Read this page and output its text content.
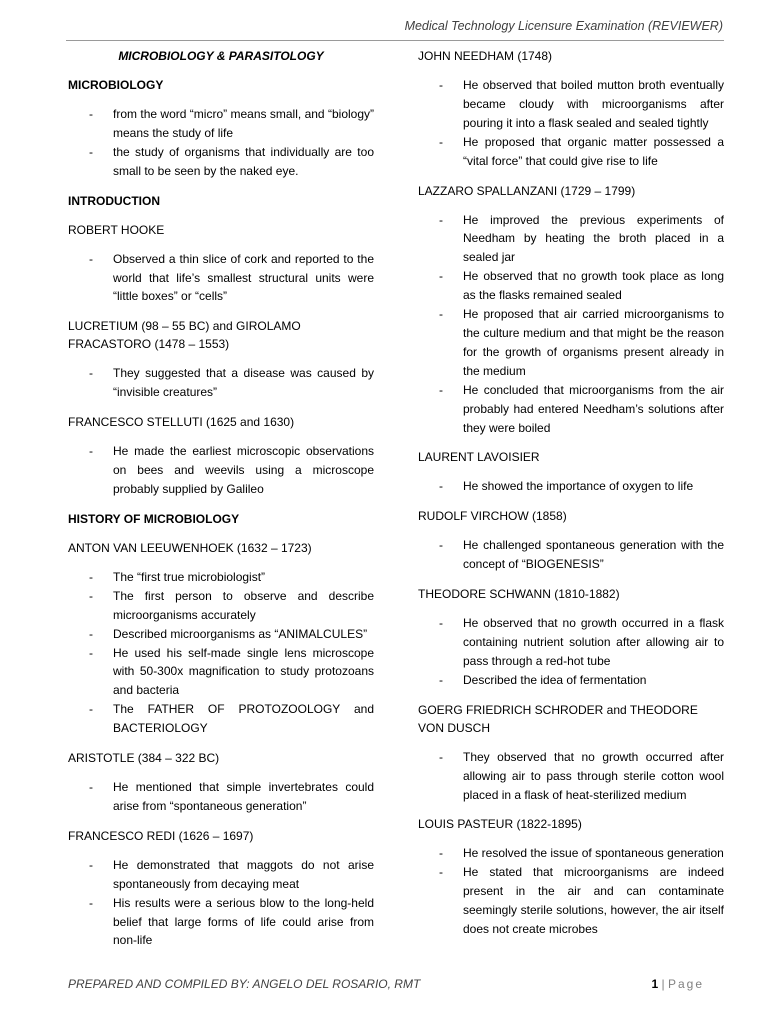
Medical Technology Licensure Examination (REVIEWER)
MICROBIOLOGY & PARASITOLOGY
MICROBIOLOGY
- from the word “micro” means small, and “biology” means the study of life
- the study of organisms that individually are too small to be seen by the naked eye.
INTRODUCTION
ROBERT HOOKE
- Observed a thin slice of cork and reported to the world that life’s smallest structural units were “little boxes” or “cells”
LUCRETIUM (98 – 55 BC) and GIROLAMO FRACASTORO (1478 – 1553)
- They suggested that a disease was caused by “invisible creatures”
FRANCESCO STELLUTI (1625 and 1630)
- He made the earliest microscopic observations on bees and weevils using a microscope probably supplied by Galileo
HISTORY OF MICROBIOLOGY
ANTON VAN LEEUWENHOEK (1632 – 1723)
- The “first true microbiologist”
- The first person to observe and describe microorganisms accurately
- Described microorganisms as “ANIMALCULES”
- He used his self-made single lens microscope with 50-300x magnification to study protozoans and bacteria
- The FATHER OF PROTOZOOLOGY and BACTERIOLOGY
ARISTOTLE (384 – 322 BC)
- He mentioned that simple invertebrates could arise from “spontaneous generation”
FRANCESCO REDI (1626 – 1697)
- He demonstrated that maggots do not arise spontaneously from decaying meat
- His results were a serious blow to the long-held belief that large forms of life could arise from non-life
JOHN NEEDHAM (1748)
- He observed that boiled mutton broth eventually became cloudy with microorganisms after pouring it into a flask sealed and sealed tightly
- He proposed that organic matter possessed a “vital force” that could give rise to life
LAZZARO SPALLANZANI (1729 – 1799)
- He improved the previous experiments of Needham by heating the broth placed in a sealed jar
- He observed that no growth took place as long as the flasks remained sealed
- He proposed that air carried microorganisms to the culture medium and that might be the reason for the growth of organisms present already in the medium
- He concluded that microorganisms from the air probably had entered Needham’s solutions after they were boiled
LAURENT LAVOISIER
- He showed the importance of oxygen to life
RUDOLF VIRCHOW (1858)
- He challenged spontaneous generation with the concept of “BIOGENESIS”
THEODORE SCHWANN (1810-1882)
- He observed that no growth occurred in a flask containing nutrient solution after allowing air to pass through a red-hot tube
- Described the idea of fermentation
GOERG FRIEDRICH SCHRODER and THEODORE VON DUSCH
- They observed that no growth occurred after allowing air to pass through sterile cotton wool placed in a flask of heat-sterilized medium
LOUIS PASTEUR (1822-1895)
- He resolved the issue of spontaneous generation
- He stated that microorganisms are indeed present in the air and can contaminate seemingly sterile solutions, however, the air itself does not create microbes
PREPARED AND COMPILED BY: ANGELO DEL ROSARIO, RMT	1 | Page
